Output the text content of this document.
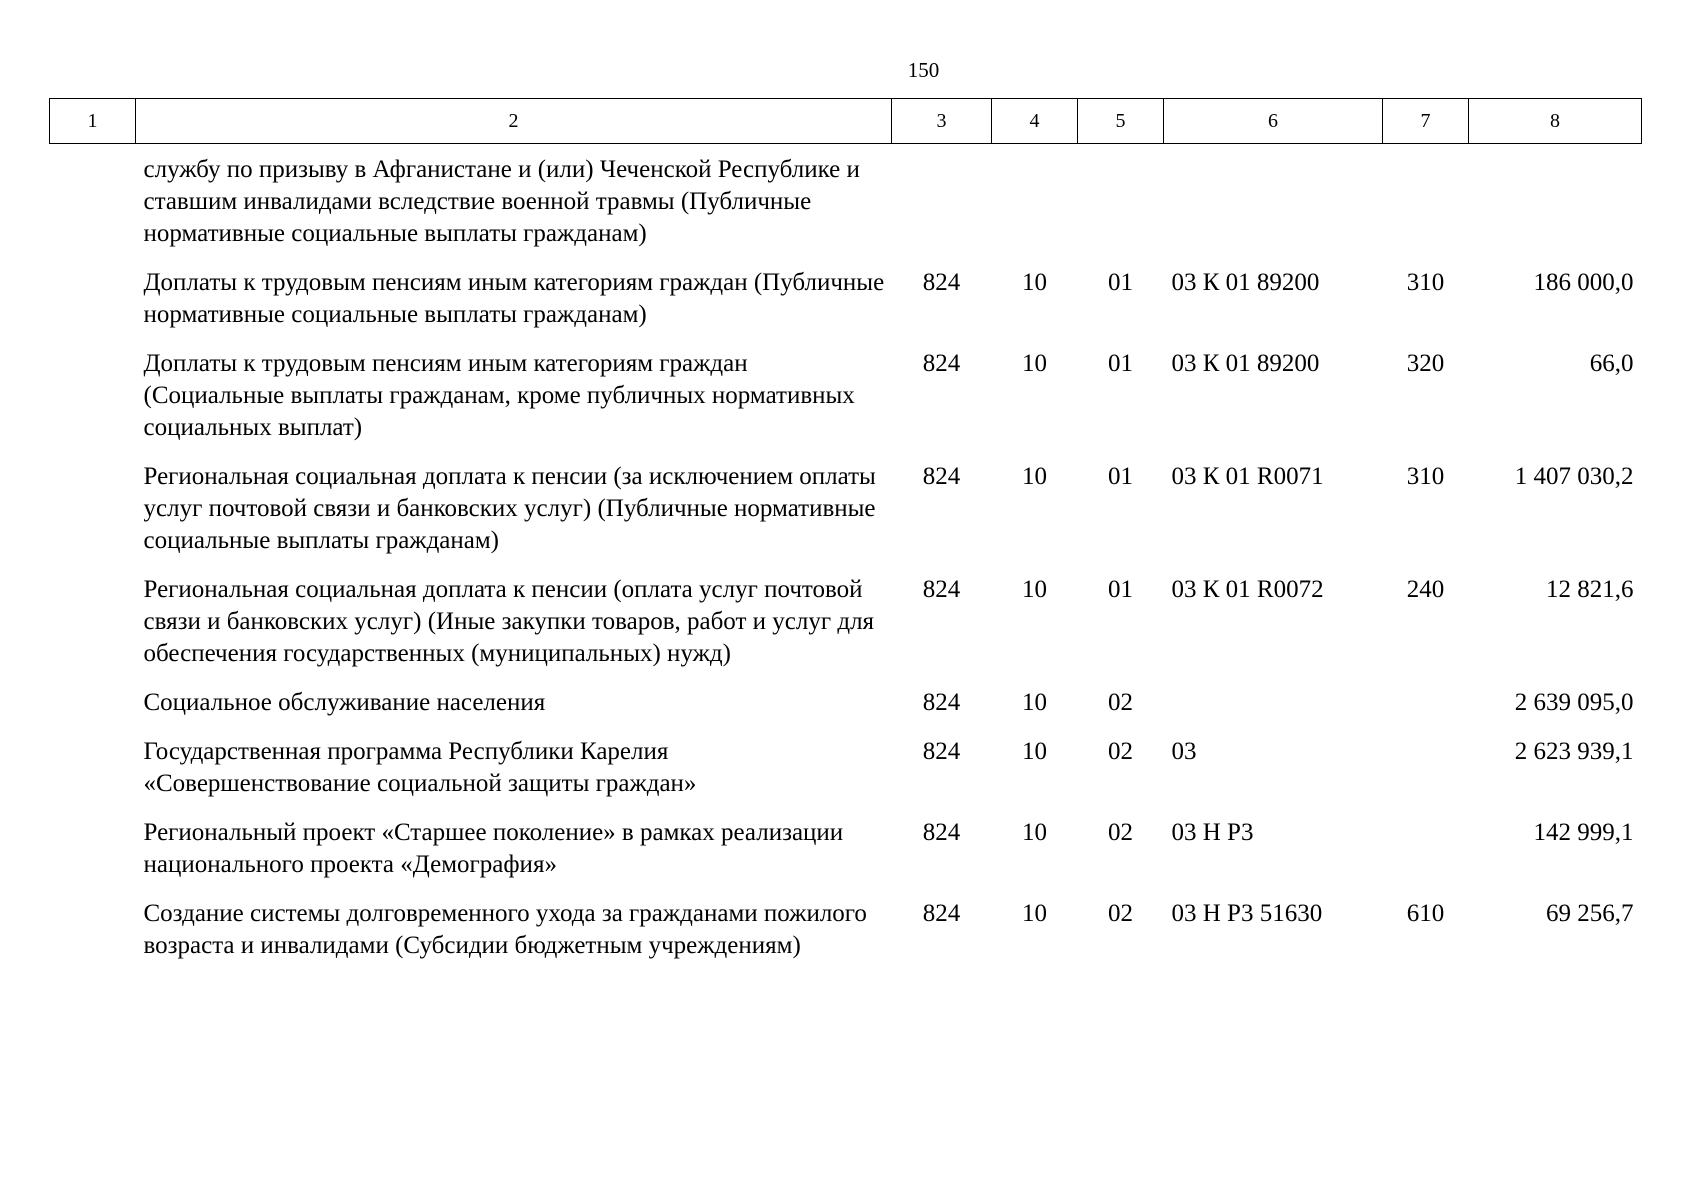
150
1	2	3	4	5	6	7	8
	службу по призыву в Афганистане и (или) Чеченской Республике и ставшим инвалидами вследствие военной травмы (Публичные нормативные социальные выплаты гражданам)						
	Доплаты к трудовым пенсиям иным категориям граждан (Публичные нормативные социальные выплаты гражданам)	824	10	01	03 К 01 89200	310	186 000,0
	Доплаты к трудовым пенсиям иным категориям граждан (Социальные выплаты гражданам, кроме публичных нормативных социальных выплат)	824	10	01	03 К 01 89200	320	66,0
	Региональная социальная доплата к пенсии (за исключением оплаты услуг почтовой связи и банковских услуг) (Публичные нормативные социальные выплаты гражданам)	824	10	01	03 К 01 R0071	310	1 407 030,2
	Региональная социальная доплата к пенсии (оплата услуг почтовой связи и банковских услуг) (Иные закупки товаров, работ и услуг для обеспечения государственных (муниципальных) нужд)	824	10	01	03 К 01 R0072	240	12 821,6
	Социальное обслуживание населения	824	10	02			2 639 095,0
	Государственная программа Республики Карелия «Совершенствование социальной защиты граждан»	824	10	02	03		2 623 939,1
	Региональный проект «Старшее поколение» в рамках реализации национального проекта «Демография»	824	10	02	03 Н Р3		142 999,1
	Создание системы долговременного ухода за гражданами пожилого возраста и инвалидами (Субсидии бюджетным учреждениям)	824	10	02	03 Н Р3 51630	610	69 256,7
